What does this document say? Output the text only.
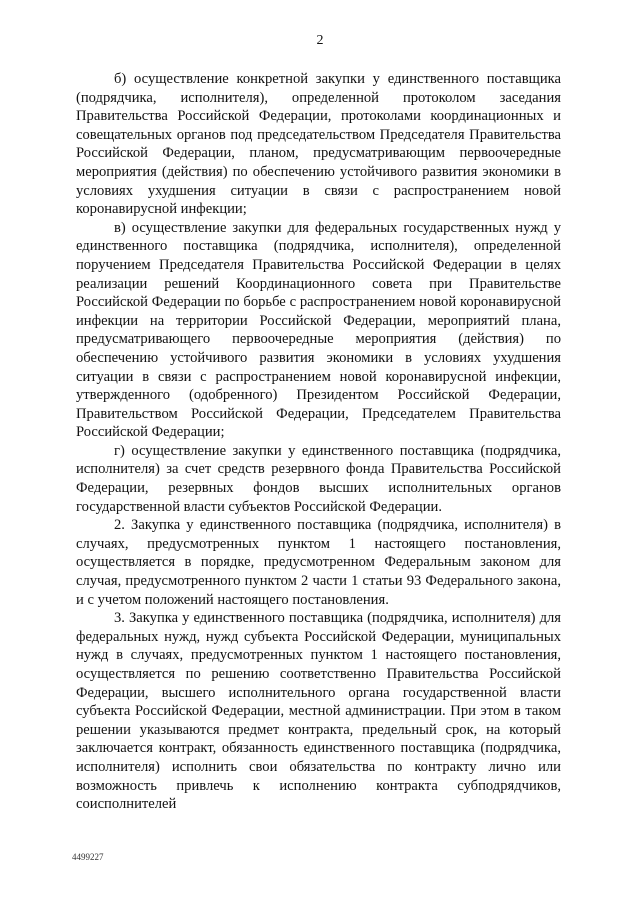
2

б) осуществление конкретной закупки у единственного поставщика (подрядчика, исполнителя), определенной протоколом заседания Правительства Российской Федерации, протоколами координационных и совещательных органов под председательством Председателя Правительства Российской Федерации, планом, предусматривающим первоочередные мероприятия (действия) по обеспечению устойчивого развития экономики в условиях ухудшения ситуации в связи с распространением новой коронавирусной инфекции;

в) осуществление закупки для федеральных государственных нужд у единственного поставщика (подрядчика, исполнителя), определенной поручением Председателя Правительства Российской Федерации в целях реализации решений Координационного совета при Правительстве Российской Федерации по борьбе с распространением новой коронавирусной инфекции на территории Российской Федерации, мероприятий плана, предусматривающего первоочередные мероприятия (действия) по обеспечению устойчивого развития экономики в условиях ухудшения ситуации в связи с распространением новой коронавирусной инфекции, утвержденного (одобренного) Президентом Российской Федерации, Правительством Российской Федерации, Председателем Правительства Российской Федерации;

г) осуществление закупки у единственного поставщика (подрядчика, исполнителя) за счет средств резервного фонда Правительства Российской Федерации, резервных фондов высших исполнительных органов государственной власти субъектов Российской Федерации.

2. Закупка у единственного поставщика (подрядчика, исполнителя) в случаях, предусмотренных пунктом 1 настоящего постановления, осуществляется в порядке, предусмотренном Федеральным законом для случая, предусмотренного пунктом 2 части 1 статьи 93 Федерального закона, и с учетом положений настоящего постановления.

3. Закупка у единственного поставщика (подрядчика, исполнителя) для федеральных нужд, нужд субъекта Российской Федерации, муниципальных нужд в случаях, предусмотренных пунктом 1 настоящего постановления, осуществляется по решению соответственно Правительства Российской Федерации, высшего исполнительного органа государственной власти субъекта Российской Федерации, местной администрации. При этом в таком решении указываются предмет контракта, предельный срок, на который заключается контракт, обязанность единственного поставщика (подрядчика, исполнителя) исполнить свои обязательства по контракту лично или возможность привлечь к исполнению контракта субподрядчиков, соисполнителей

4499227
